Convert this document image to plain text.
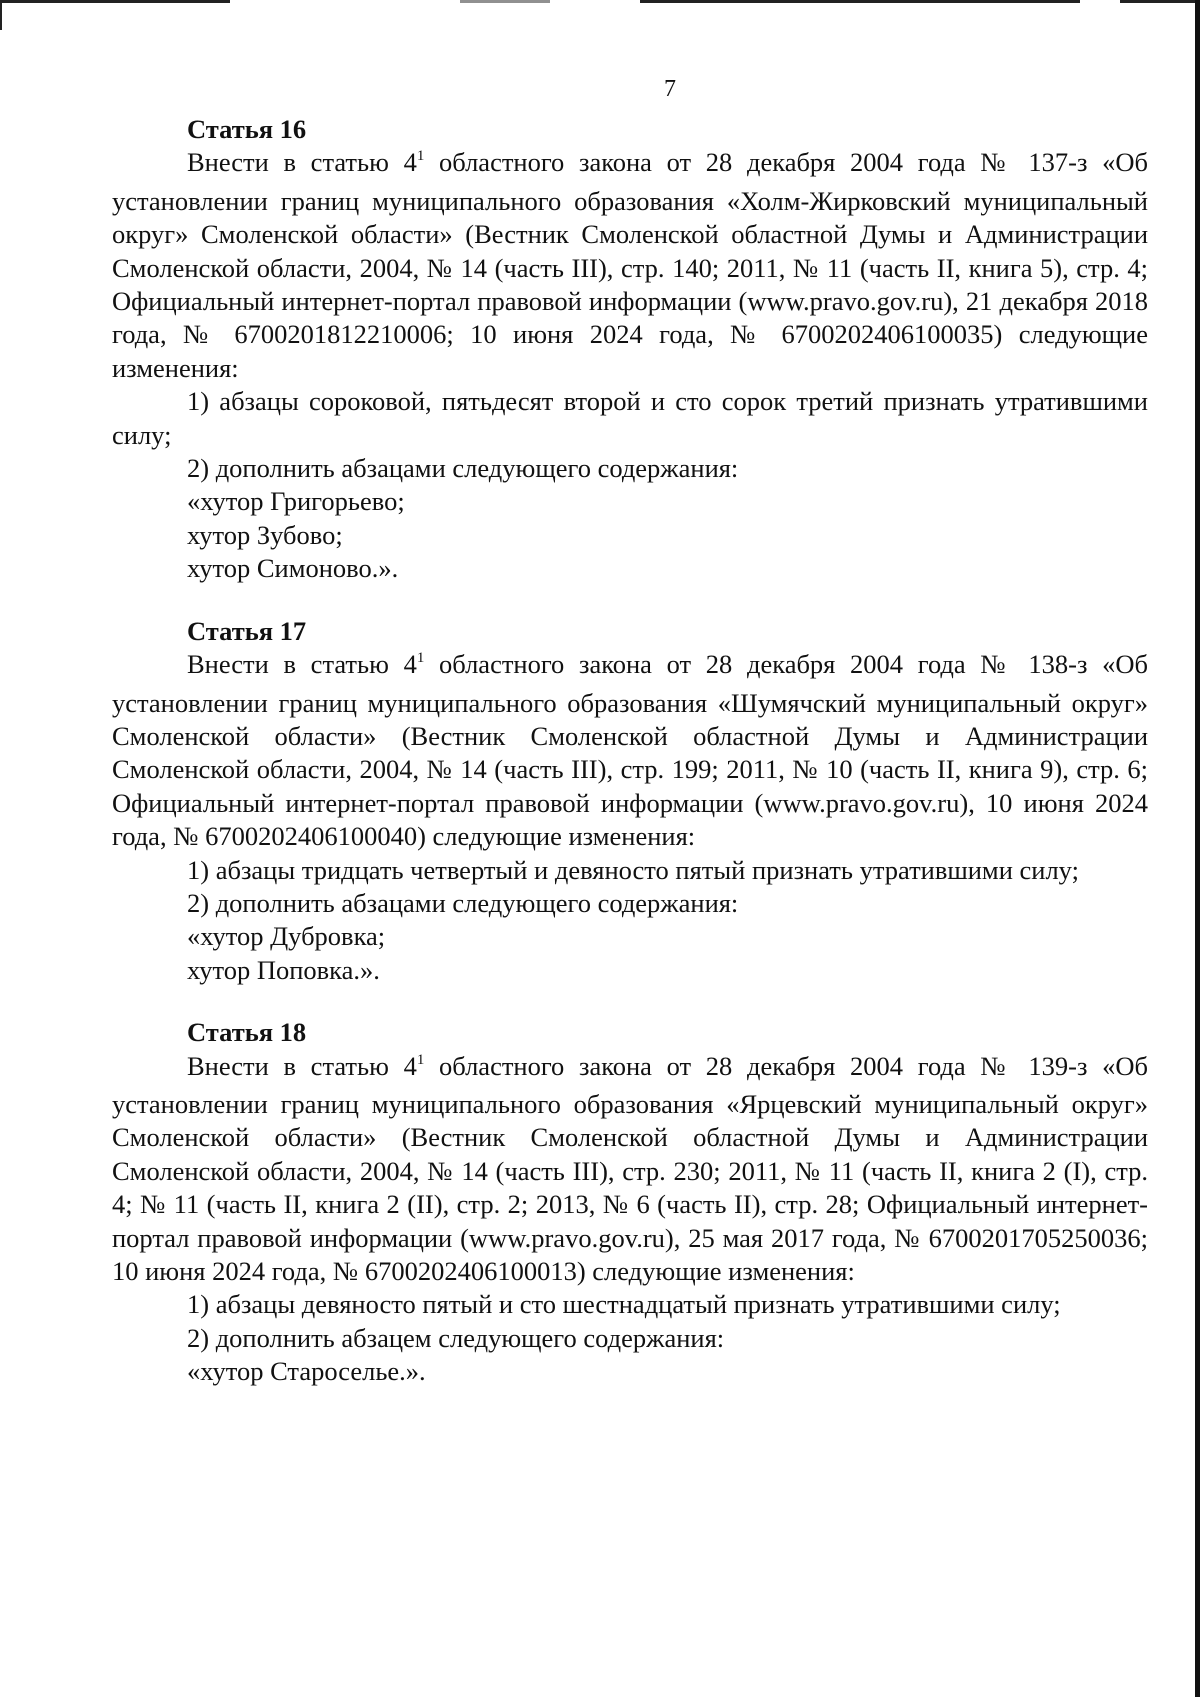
7

Статья 16

Внести в статью $4^1$ областного закона от 28 декабря 2004 года № 137-з «Об установлении границ муниципального образования «Холм-Жирковский муниципальный округ» Смоленской области» (Вестник Смоленской областной Думы и Администрации Смоленской области, 2004, № 14 (часть III), стр. 140; 2011, № 11 (часть II, книга 5), стр. 4; Официальный интернет-портал правовой информации (www.pravo.gov.ru), 21 декабря 2018 года, № 6700201812210006; 10 июня 2024 года, № 6700202406100035) следующие изменения:

1) абзацы сороковой, пятьдесят второй и сто сорок третий признать утратившими силу;

2) дополнить абзацами следующего содержания:

«хутор Григорьево;

хутор Зубово;

хутор Симоново.».

Статья 17

Внести в статью $4^1$ областного закона от 28 декабря 2004 года № 138-з «Об установлении границ муниципального образования «Шумячский муниципальный округ» Смоленской области» (Вестник Смоленской областной Думы и Администрации Смоленской области, 2004, № 14 (часть III), стр. 199; 2011, № 10 (часть II, книга 9), стр. 6; Официальный интернет-портал правовой информации (www.pravo.gov.ru), 10 июня 2024 года, № 6700202406100040) следующие изменения:

1) абзацы тридцать четвертый и девяносто пятый признать утратившими силу;

2) дополнить абзацами следующего содержания:

«хутор Дубровка;

хутор Поповка.».

Статья 18

Внести в статью $4^1$ областного закона от 28 декабря 2004 года № 139-з «Об установлении границ муниципального образования «Ярцевский муниципальный округ» Смоленской области» (Вестник Смоленской областной Думы и Администрации Смоленской области, 2004, № 14 (часть III), стр. 230; 2011, № 11 (часть II, книга 2 (I), стр. 4; № 11 (часть II, книга 2 (II), стр. 2; 2013, № 6 (часть II), стр. 28; Официальный интернет-портал правовой информации (www.pravo.gov.ru), 25 мая 2017 года, № 6700201705250036; 10 июня 2024 года, № 6700202406100013) следующие изменения:

1) абзацы девяносто пятый и сто шестнадцатый признать утратившими силу;

2) дополнить абзацем следующего содержания:

«хутор Староселье.».
